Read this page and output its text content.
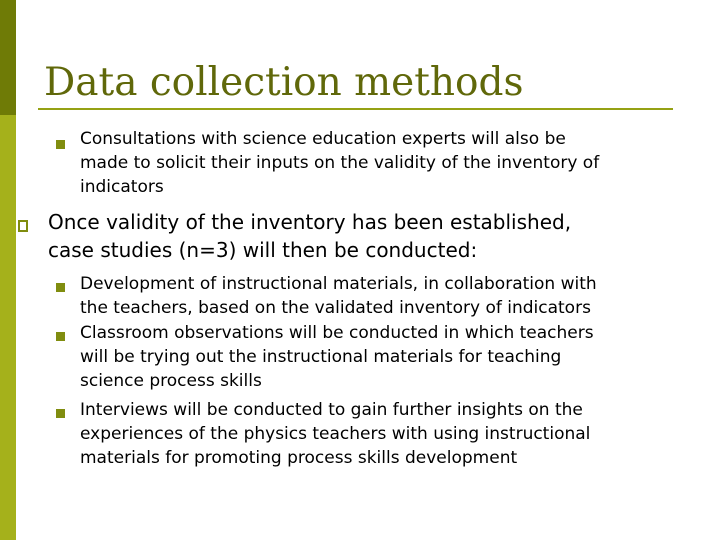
Data collection methods
Consultations with science education experts will also be
made to solicit their inputs on the validity of the inventory of
indicators
Once validity of the inventory has been established,
case studies (n=3) will then be conducted:
Development of instructional materials, in collaboration with
the teachers, based on the validated inventory of indicators
Classroom observations will be conducted in which teachers
will be trying out the instructional materials for teaching
science process skills
Interviews will be conducted to gain further insights on the
experiences of the physics teachers with using instructional
materials for promoting process skills development
